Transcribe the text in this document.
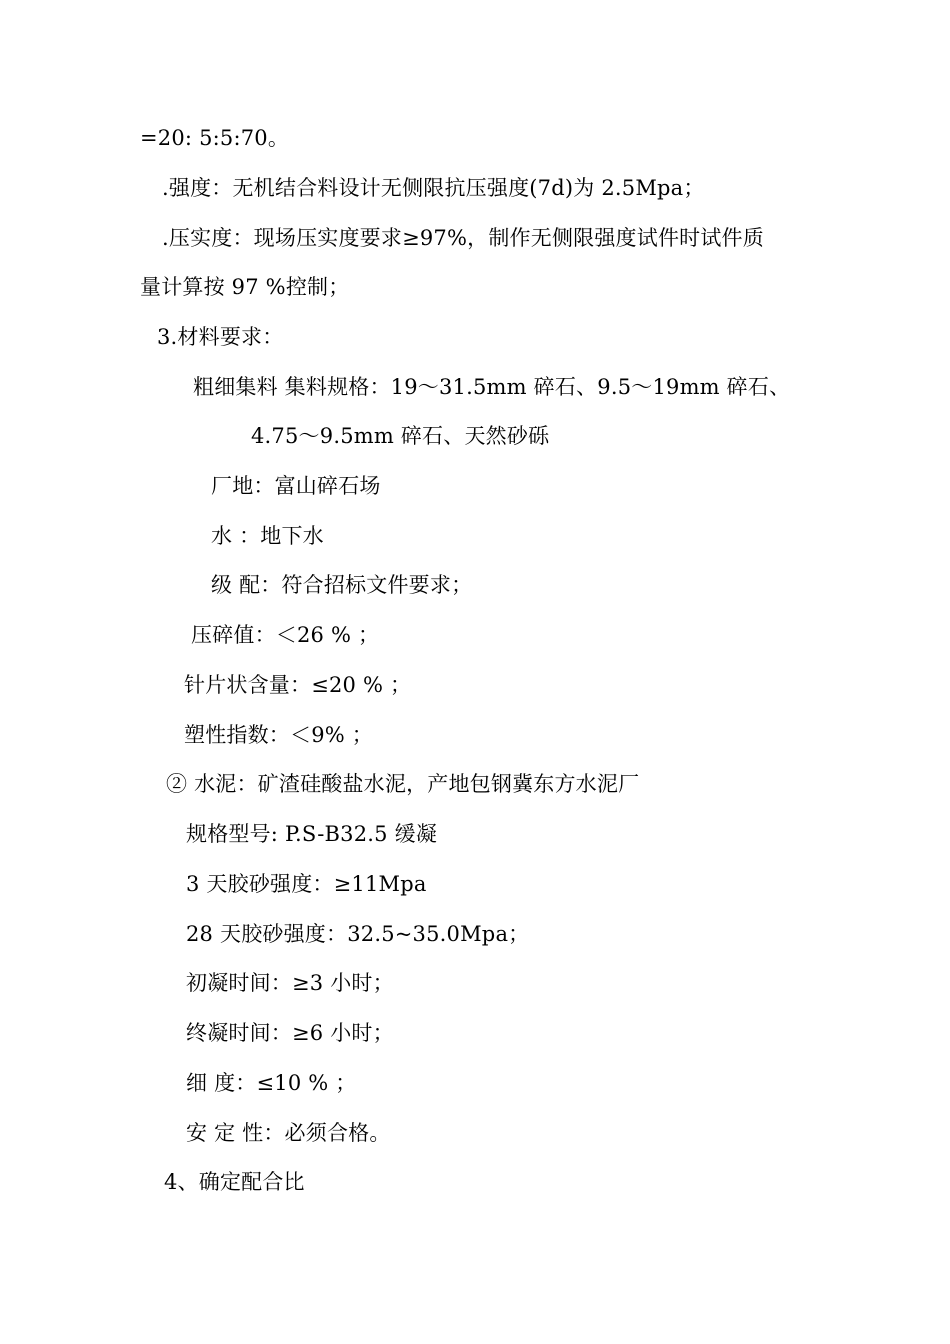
=20: 5:5:70。
.强度：无机结合料设计无侧限抗压强度(7d)为 2.5Mpa；
.压实度：现场压实度要求≥97%，制作无侧限强度试件时试件质
量计算按 97 %控制；
3.材料要求：
粗细集料 集料规格：19～31.5mm 碎石、9.5～19mm 碎石、
4.75～9.5mm 碎石、天然砂砾
厂地：富山碎石场
水 ：地下水
级 配：符合招标文件要求；
压碎值：＜26 % ；
针片状含量：≤20 % ；
塑性指数：＜9% ；
② 水泥：矿渣硅酸盐水泥，产地包钢冀东方水泥厂
规格型号: P.S-B32.5 缓凝
3 天胶砂强度：≥11Mpa
28 天胶砂强度：32.5~35.0Mpa；
初凝时间：≥3 小时；
终凝时间：≥6 小时；
细 度：≤10 % ；
安 定 性：必须合格。
4、确定配合比
